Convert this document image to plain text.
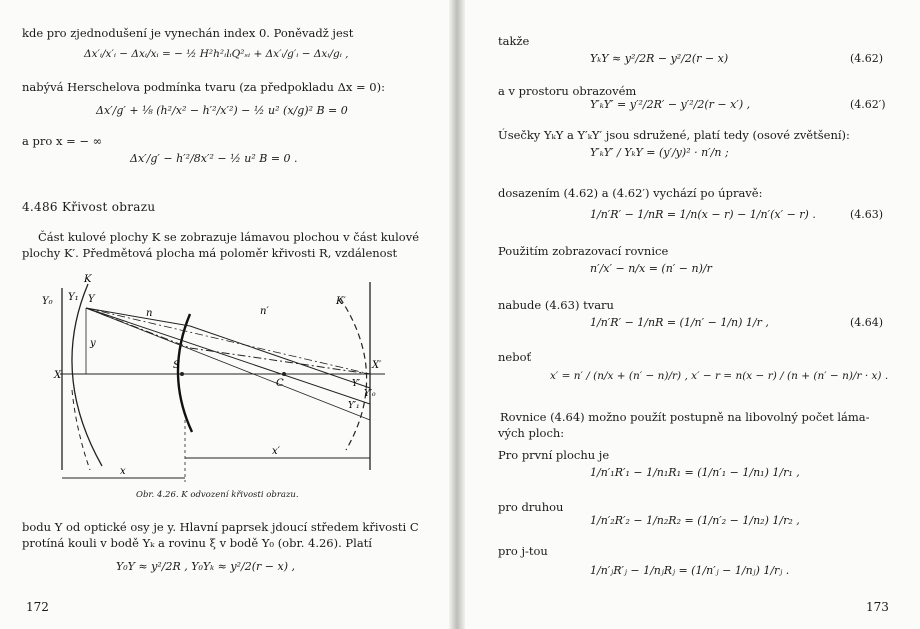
kde pro zjednodušení je vynechán index 0. Poněvadž jest
Δx′ᵢ/x′ᵢ − Δxᵢ/xᵢ = − ½ H²h²ᵢlᵢQ²ₛᵢ + Δx′ᵢ/g′ᵢ − Δxᵢ/gᵢ ,
nabývá Herschelova podmínka tvaru (za předpokladu Δx = 0):
Δx′/g′ + ⅛ (h²/x² − h′²/x′²) − ½ u² (x/g)² B = 0
a pro x = − ∞
Δx′/g′ − h′²/8x′² − ½ u² B = 0 .
4.486 Křivost obrazu
Část kulové plochy K se zobrazuje lámavou plochou v část kulové
plochy K′. Předmětová plocha má poloměr křivosti R, vzdálenost
Y₀ Y₁ Y
K
n	n′
K′
y
S
C
X
X′
Y′
Y′₀
Y′₁
x
x′
Obr. 4.26. K odvození křivosti obrazu.
bodu Y od optické osy je y. Hlavní paprsek jdoucí středem křivosti C
protíná kouli v bodě Yₖ a rovinu ξ v bodě Y₀ (obr. 4.26). Platí
Y₀Y ≈ y²/2R , Y₀Yₖ ≈ y²/2(r − x) ,
172
takže
YₖY ≈ y²/2R − y²/2(r − x)	(4.62)
a v prostoru obrazovém
Y′ₖY′ = y′²/2R′ − y′²/2(r − x′) ,	(4.62′)
Úsečky YₖY a Y′ₖY′ jsou sdružené, platí tedy (osové zvětšení):
Y′ₖY′ / YₖY = (y′/y)² · n′/n ;
dosazením (4.62) a (4.62′) vychází po úpravě:
1/n′R′ − 1/nR = 1/n(x − r) − 1/n′(x′ − r) .	(4.63)
Použitím zobrazovací rovnice
n′/x′ − n/x = (n′ − n)/r
nabude (4.63) tvaru
1/n′R′ − 1/nR = (1/n′ − 1/n) 1/r ,	(4.64)
neboť
x′ = n′ / (n/x + (n′ − n)/r) , x′ − r = n(x − r) / (n + (n′ − n)/r · x) .
Rovnice (4.64) možno použít postupně na libovolný počet láma-
vých ploch:
Pro první plochu je
1/n′₁R′₁ − 1/n₁R₁ = (1/n′₁ − 1/n₁) 1/r₁ ,
pro druhou
1/n′₂R′₂ − 1/n₂R₂ = (1/n′₂ − 1/n₂) 1/r₂ ,
pro j-tou
1/n′ⱼR′ⱼ − 1/nⱼRⱼ = (1/n′ⱼ − 1/nⱼ) 1/rⱼ .
173
